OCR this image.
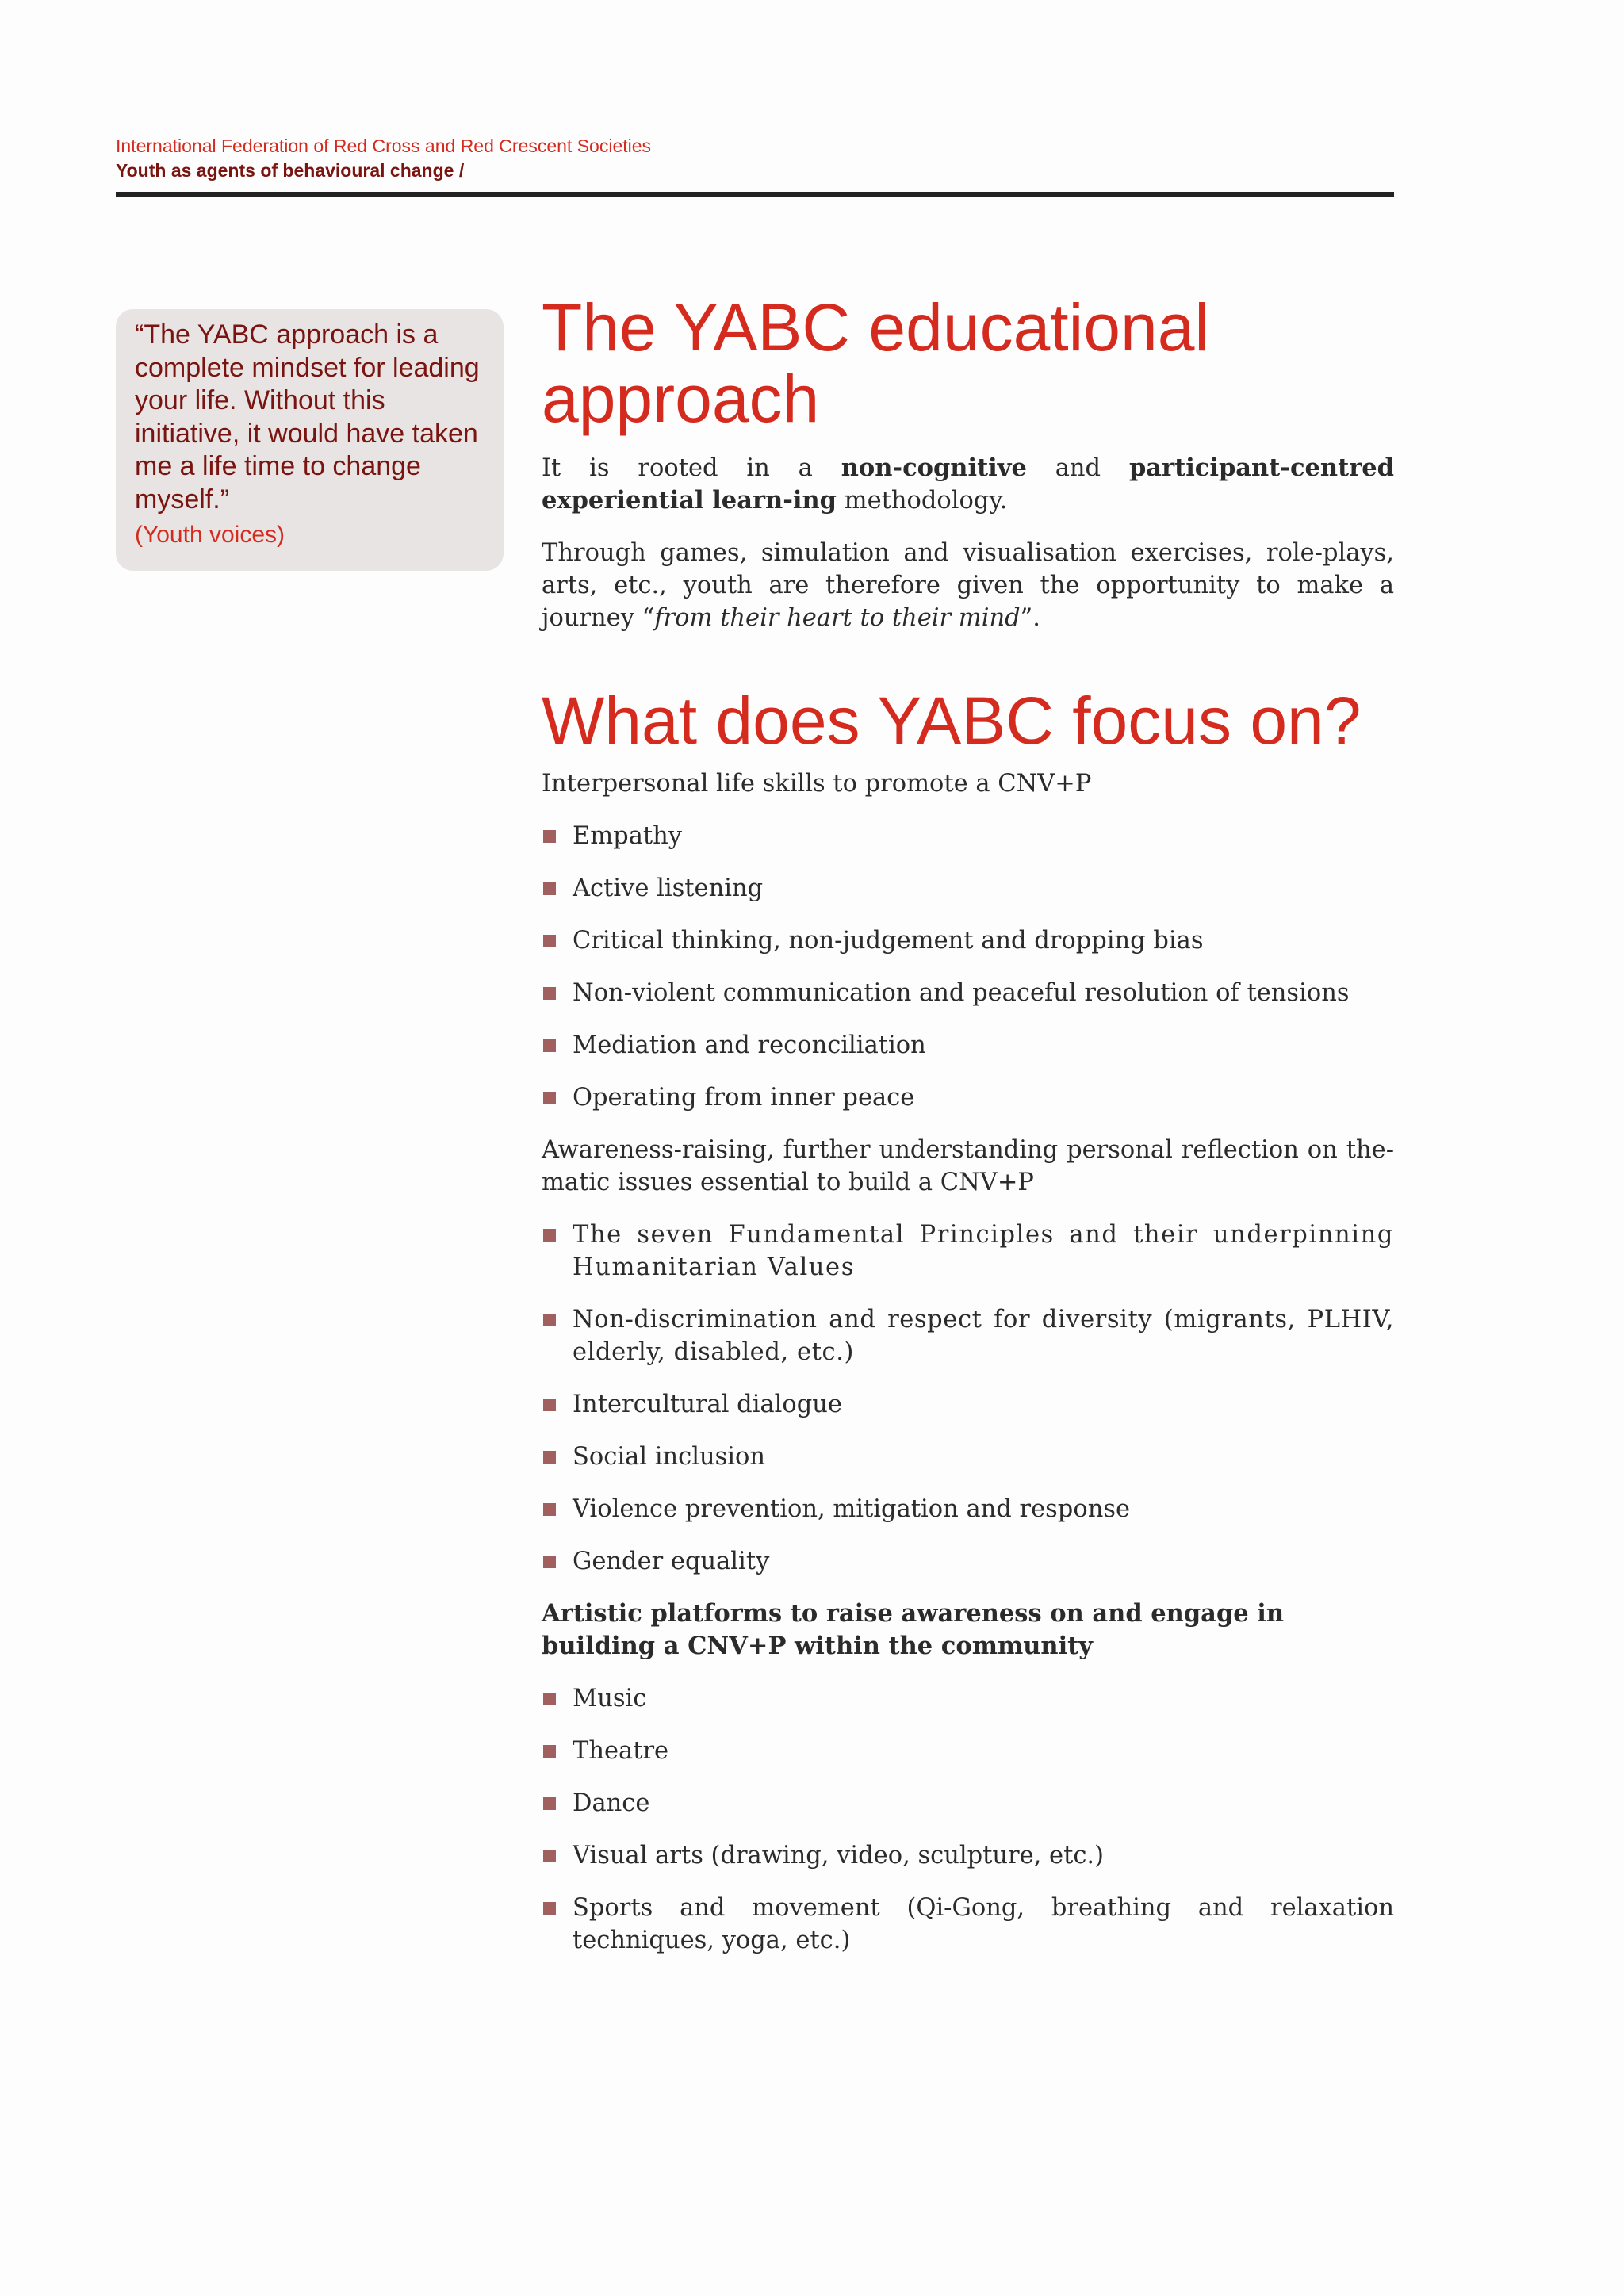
International Federation of Red Cross and Red Crescent Societies
Youth as agents of behavioural change /

“The YABC approach is a complete mindset for leading your life. Without this initiative, it would have taken me a life time to change myself.”

(Youth voices)
The YABC educational approach

It is rooted in a non-cognitive and participant-centred experiential learn-ing methodology.

Through games, simulation and visualisation exercises, role-plays, arts, etc., youth are therefore given the opportunity to make a journey “from their heart to their mind”.

What does YABC focus on?

Interpersonal life skills to promote a CNV+P

Empathy
Active listening
Critical thinking, non-judgement and dropping bias
Non-violent communication and peaceful resolution of tensions
Mediation and reconciliation
Operating from inner peace

Awareness-raising, further understanding personal reflection on the-matic issues essential to build a CNV+P

The seven Fundamental Principles and their underpinning Humanitarian Values
Non-discrimination and respect for diversity (migrants, PLHIV, elderly, disabled, etc.)
Intercultural dialogue
Social inclusion
Violence prevention, mitigation and response
Gender equality

Artistic platforms to raise awareness on and engage in building a CNV+P within the community

Music
Theatre
Dance
Visual arts (drawing, video, sculpture, etc.)
Sports and movement (Qi-Gong, breathing and relaxation techniques, yoga, etc.)
